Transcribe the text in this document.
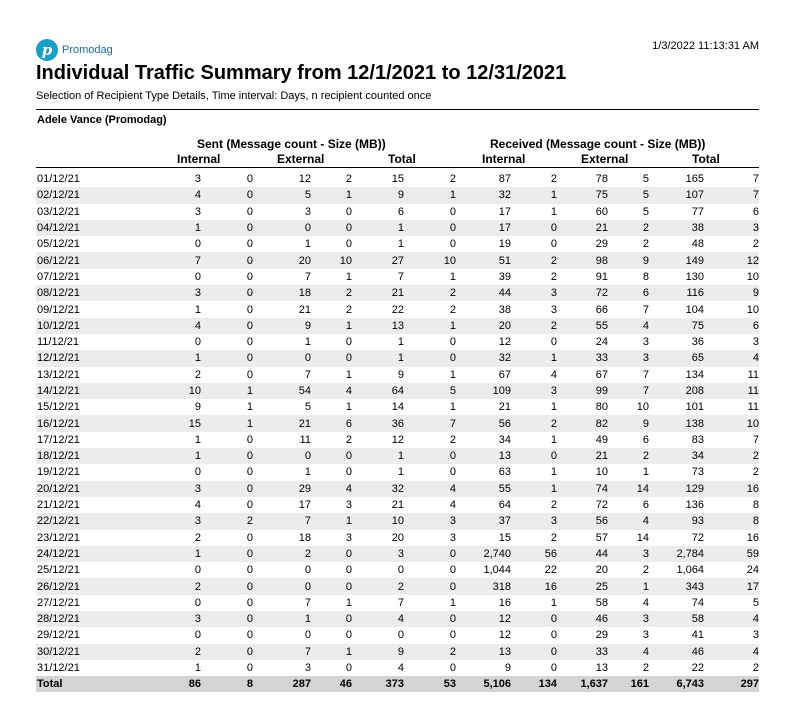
p Promodag	1/3/2022 11:13:31 AM
Individual Traffic Summary from 12/1/2021 to 12/31/2021
Selection of Recipient Type Details, Time interval: Days, n recipient counted once
Adele Vance (Promodag)
Sent (Message count - Size (MB))	Received (Message count - Size (MB))
Internal	External	Total	Internal	External	Total
01/12/21	3	0	12	2	15	2	87	2	78	5	165	7
02/12/21	4	0	5	1	9	1	32	1	75	5	107	7
03/12/21	3	0	3	0	6	0	17	1	60	5	77	6
04/12/21	1	0	0	0	1	0	17	0	21	2	38	3
05/12/21	0	0	1	0	1	0	19	0	29	2	48	2
06/12/21	7	0	20	10	27	10	51	2	98	9	149	12
07/12/21	0	0	7	1	7	1	39	2	91	8	130	10
08/12/21	3	0	18	2	21	2	44	3	72	6	116	9
09/12/21	1	0	21	2	22	2	38	3	66	7	104	10
10/12/21	4	0	9	1	13	1	20	2	55	4	75	6
11/12/21	0	0	1	0	1	0	12	0	24	3	36	3
12/12/21	1	0	0	0	1	0	32	1	33	3	65	4
13/12/21	2	0	7	1	9	1	67	4	67	7	134	11
14/12/21	10	1	54	4	64	5	109	3	99	7	208	11
15/12/21	9	1	5	1	14	1	21	1	80	10	101	11
16/12/21	15	1	21	6	36	7	56	2	82	9	138	10
17/12/21	1	0	11	2	12	2	34	1	49	6	83	7
18/12/21	1	0	0	0	1	0	13	0	21	2	34	2
19/12/21	0	0	1	0	1	0	63	1	10	1	73	2
20/12/21	3	0	29	4	32	4	55	1	74	14	129	16
21/12/21	4	0	17	3	21	4	64	2	72	6	136	8
22/12/21	3	2	7	1	10	3	37	3	56	4	93	8
23/12/21	2	0	18	3	20	3	15	2	57	14	72	16
24/12/21	1	0	2	0	3	0	2,740	56	44	3	2,784	59
25/12/21	0	0	0	0	0	0	1,044	22	20	2	1,064	24
26/12/21	2	0	0	0	2	0	318	16	25	1	343	17
27/12/21	0	0	7	1	7	1	16	1	58	4	74	5
28/12/21	3	0	1	0	4	0	12	0	46	3	58	4
29/12/21	0	0	0	0	0	0	12	0	29	3	41	3
30/12/21	2	0	7	1	9	2	13	0	33	4	46	4
31/12/21	1	0	3	0	4	0	9	0	13	2	22	2
Total	86	8	287	46	373	53	5,106	134	1,637	161	6,743	297
